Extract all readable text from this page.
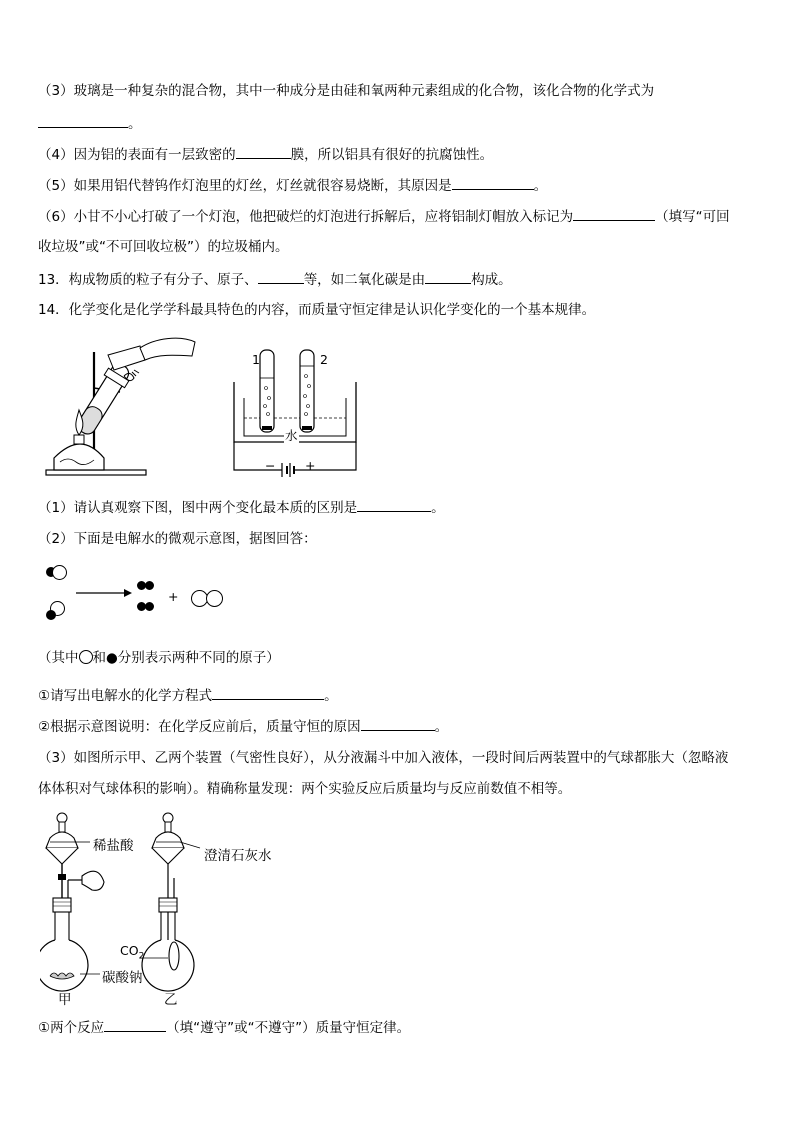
（3）玻璃是一种复杂的混合物，其中一种成分是由硅和氧两种元素组成的化合物，该化合物的化学式为
。
（4）因为铝的表面有一层致密的	膜，所以铝具有很好的抗腐蚀性。
（5）如果用铝代替钨作灯泡里的灯丝，灯丝就很容易烧断，其原因是	。
（6）小甘不小心打破了一个灯泡，他把破烂的灯泡进行拆解后，应将铝制灯帽放入标记为	（填写“可回
收垃圾”或“不可回收垃极”）的垃圾桶内。
13．构成物质的粒子有分子、原子、	等，如二氧化碳是由	构成。
14．化学变化是化学学科最具特色的内容，而质量守恒定律是认识化学变化的一个基本规律。
1	2
水
− +
（1）请认真观察下图，图中两个变化最本质的区别是	。
（2）下面是电解水的微观示意图，据图回答：
+
（其中 和●分别表示两种不同的原子）
①请写出电解水的化学方程式	。
②根据示意图说明：在化学反应前后，质量守恒的原因	。
（3）如图所示甲、乙两个装置（气密性良好），从分液漏斗中加入液体，一段时间后两装置中的气球都胀大（忽略液
体体积对气球体积的影响）。精确称量发现：两个实验反应后质量均与反应前数值不相等。
稀盐酸
澄清石灰水
$CO_2$
碳酸钠
甲	乙
①两个反应	（填“遵守”或“不遵守”）质量守恒定律。
